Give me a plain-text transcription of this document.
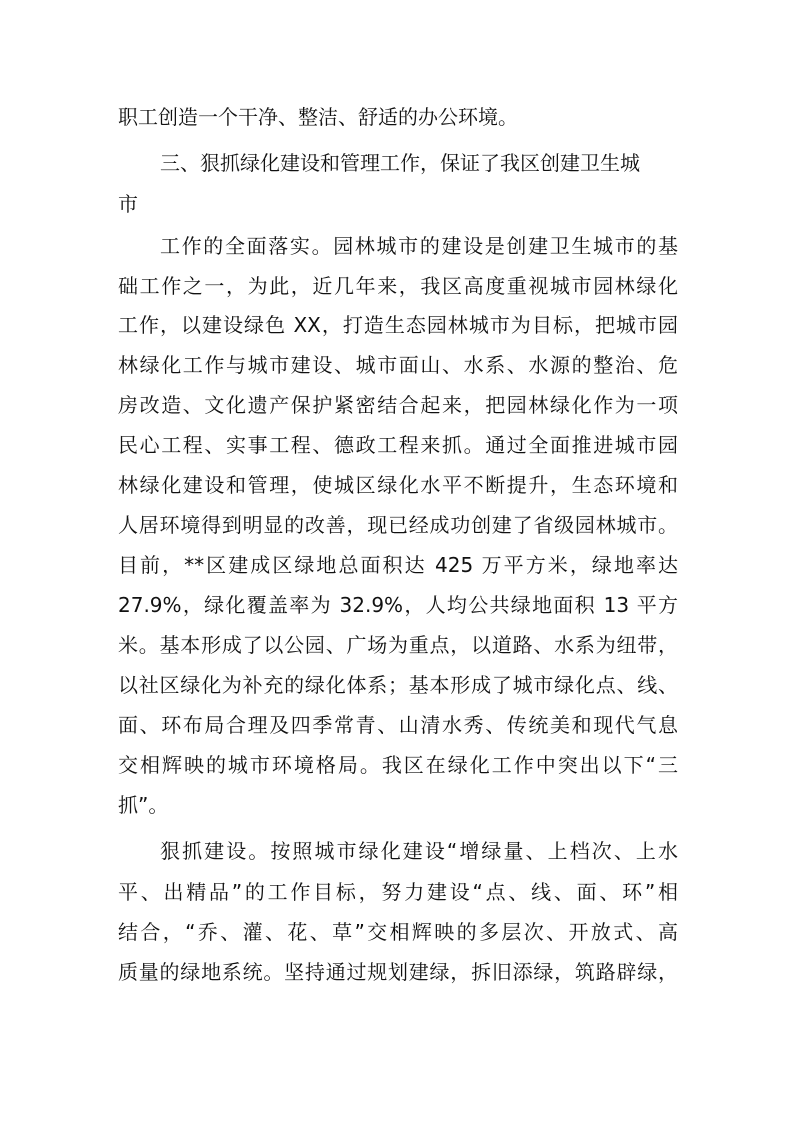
职工创造一个干净、整洁、舒适的办公环境。
三、狠抓绿化建设和管理工作，保证了我区创建卫生城
市
工作的全面落实。园林城市的建设是创建卫生城市的基
础工作之一，为此，近几年来，我区高度重视城市园林绿化
工作，以建设绿色 XX，打造生态园林城市为目标，把城市园
林绿化工作与城市建设、城市面山、水系、水源的整治、危
房改造、文化遗产保护紧密结合起来，把园林绿化作为一项
民心工程、实事工程、德政工程来抓。通过全面推进城市园
林绿化建设和管理，使城区绿化水平不断提升，生态环境和
人居环境得到明显的改善，现已经成功创建了省级园林城市。
目前，**区建成区绿地总面积达 425 万平方米，绿地率达
27.9%，绿化覆盖率为 32.9%，人均公共绿地面积 13 平方
米。基本形成了以公园、广场为重点，以道路、水系为纽带，
以社区绿化为补充的绿化体系；基本形成了城市绿化点、线、
面、环布局合理及四季常青、山清水秀、传统美和现代气息
交相辉映的城市环境格局。我区在绿化工作中突出以下“三
抓”。
狠抓建设。按照城市绿化建设“增绿量、上档次、上水
平、出精品”的工作目标，努力建设“点、线、面、环”相
结合，“乔、灌、花、草”交相辉映的多层次、开放式、高
质量的绿地系统。坚持通过规划建绿，拆旧添绿，筑路辟绿，
